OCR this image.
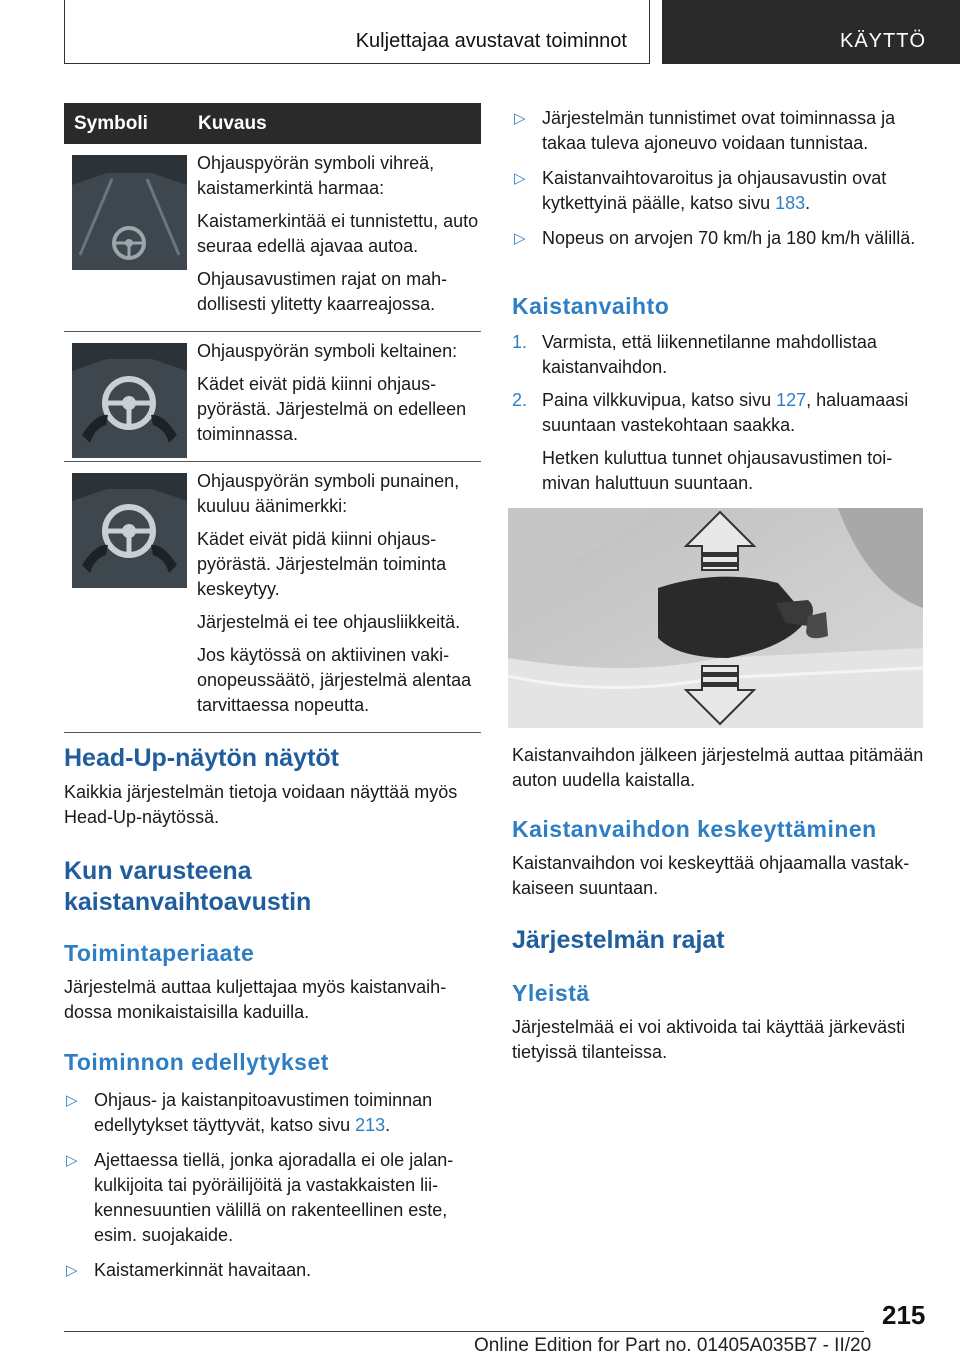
Kuljettajaa avustavat toiminnot	KÄYTTÖ
Symboli	Kuvaus

Ohjauspyörän symboli vihreä, kaistamerkintä harmaa:

Kaistamerkintää ei tunnistettu, auto seuraa edellä ajavaa autoa.

Ohjausavustimen rajat on mahdollisesti ylitetty kaarreajossa.

Ohjauspyörän symboli keltainen:

Kädet eivät pidä kiinni ohjauspyörästä. Järjestelmä on edelleen toiminnassa.

Ohjauspyörän symboli punainen, kuuluu äänimerkki:

Kädet eivät pidä kiinni ohjauspyörästä. Järjestelmän toiminta keskeytyy.

Järjestelmä ei tee ohjausliikkeitä.

Jos käytössä on aktiivinen vakionopeussäätö, järjestelmä alentaa tarvittaessa nopeutta.

Head-Up-näytön näytöt

Kaikkia järjestelmän tietoja voidaan näyttää myös Head-Up-näytössä.

Kun varusteena
kaistanvaihtoavustin
Toimintaperiaate

Järjestelmä auttaa kuljettajaa myös kaistanvaihdossa monikaistaisilla kaduilla.

Toiminnon edellytykset
▷ Ohjaus- ja kaistanpitoavustimen toiminnan edellytykset täyttyvät, katso sivu 213.
▷ Ajettaessa tiellä, jonka ajoradalla ei ole jalankulkijoita tai pyöräilijöitä ja vastakkaisten liikennesuuntien välillä on rakenteellinen este, esim. suojakaide.
▷ Kaistamerkinnät havaitaan.
▷ Järjestelmän tunnistimet ovat toiminnassa ja takaa tuleva ajoneuvo voidaan tunnistaa.
▷ Kaistanvaihtovaroitus ja ohjausavustin ovat kytkettyinä päälle, katso sivu 183.
▷ Nopeus on arvojen 70 km/h ja 180 km/h välillä.
Kaistanvaihto
1. Varmista, että liikennetilanne mahdollistaa kaistanvaihdon.
2. Paina vilkkuvipua, katso sivu 127, haluamaasi suuntaan vastekohtaan saakka.
Hetken kuluttua tunnet ohjausavustimen toimivan haluttuun suuntaan.

Kaistanvaihdon jälkeen järjestelmä auttaa pitämään auton uudella kaistalla.

Kaistanvaihdon keskeyttäminen

Kaistanvaihdon voi keskeyttää ohjaamalla vastakkaiseen suuntaan.

Järjestelmän rajat
Yleistä

Järjestelmää ei voi aktivoida tai käyttää järkevästi tietyissä tilanteissa.

215
Online Edition for Part no. 01405A035B7 - II/20
